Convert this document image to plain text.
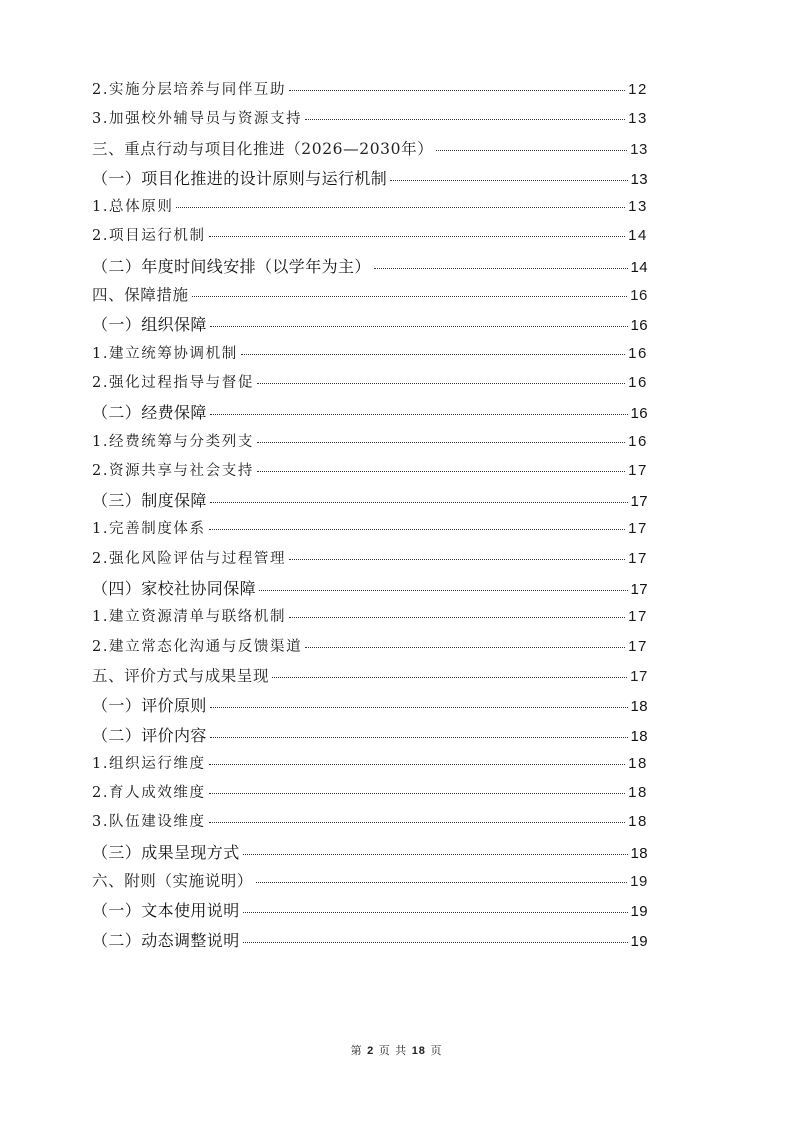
2.实施分层培养与同伴互助	12
3.加强校外辅导员与资源支持	13
三、重点行动与项目化推进（2026—2030年）	13
（一）项目化推进的设计原则与运行机制	13
1.总体原则	13
2.项目运行机制	14
（二）年度时间线安排（以学年为主）	14
四、保障措施	16
（一）组织保障	16
1.建立统筹协调机制	16
2.强化过程指导与督促	16
（二）经费保障	16
1.经费统筹与分类列支	16
2.资源共享与社会支持	17
（三）制度保障	17
1.完善制度体系	17
2.强化风险评估与过程管理	17
（四）家校社协同保障	17
1.建立资源清单与联络机制	17
2.建立常态化沟通与反馈渠道	17
五、评价方式与成果呈现	17
（一）评价原则	18
（二）评价内容	18
1.组织运行维度	18
2.育人成效维度	18
3.队伍建设维度	18
（三）成果呈现方式	18
六、附则（实施说明）	19
（一）文本使用说明	19
（二）动态调整说明	19
第 2 页 共 18 页
